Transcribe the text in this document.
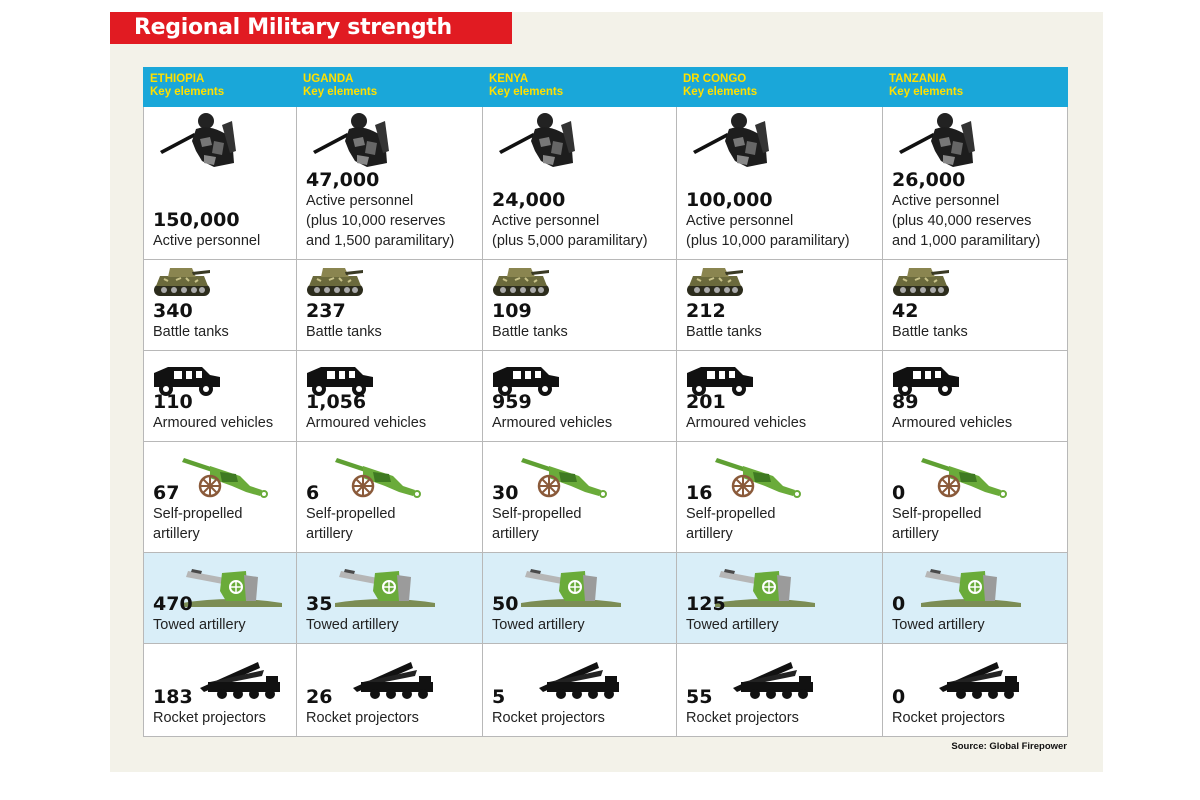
Regional Military strength
ETHIOPIA
Key elements	UGANDA
Key elements	KENYA
Key elements	DR CONGO
Key elements	TANZANIA
Key elements

150,000
Active personnel	47,000
Active personnel
(plus 10,000 reserves
and 1,500 paramilitary)	24,000
Active personnel
(plus 5,000 paramilitary)	100,000
Active personnel
(plus 10,000 paramilitary)	26,000
Active personnel
(plus 40,000 reserves
and 1,000 paramilitary)

340
Battle tanks	237
Battle tanks	109
Battle tanks	212
Battle tanks	42
Battle tanks

110
Armoured vehicles	1,056
Armoured vehicles	959
Armoured vehicles	201
Armoured vehicles	89
Armoured vehicles

67
Self-propelled
artillery	6
Self-propelled
artillery	30
Self-propelled
artillery	16
Self-propelled
artillery	0
Self-propelled
artillery

470
Towed artillery	35
Towed artillery	50
Towed artillery	125
Towed artillery	0
Towed artillery

183
Rocket projectors	26
Rocket projectors	5
Rocket projectors	55
Rocket projectors	0
Rocket projectors
Source: Global Firepower
